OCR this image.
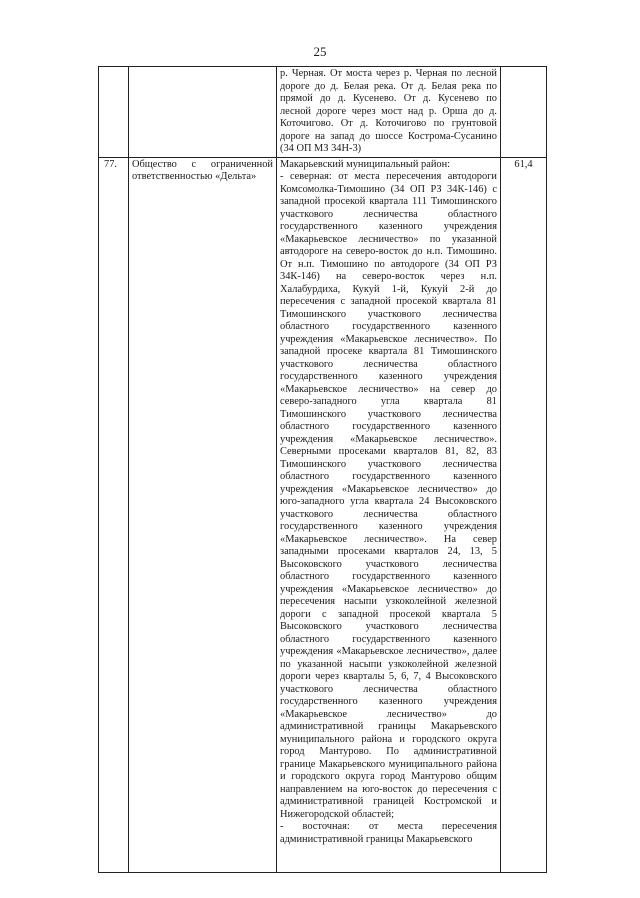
25

		р. Черная. От моста через р. Черная по лесной дороге до д. Белая река. От д. Белая река по прямой до д. Кусенево. От д. Кусенево по лесной дороге через мост над р. Орша до д. Коточигово. От д. Коточигово по грунтовой дороге на запад до шоссе Кострома-Сусанино (34 ОП МЗ 34Н-3)	

77.	Общество с ограниченной ответственностью «Дельта»	Макарьевский муниципальный район:

- северная: от места пересечения автодороги Комсомолка-Тимошино (34 ОП РЗ 34К-146) с западной просекой квартала 111 Тимошинского участкового лесничества областного государственного казенного учреждения «Макарьевское лесничество» по указанной автодороге на северо-восток до н.п. Тимошино. От н.п. Тимошино по автодороге (34 ОП РЗ 34К-146) на северо-восток через н.п. Халабурдиха, Кукуй 1-й, Кукуй 2-й до пересечения с западной просекой квартала 81 Тимошинского участкового лесничества областного государственного казенного учреждения «Макарьевское лесничество». По западной просеке квартала 81 Тимошинского участкового лесничества областного государственного казенного учреждения «Макарьевское лесничество» на север до северо-западного угла квартала 81 Тимошинского участкового лесничества областного государственного казенного учреждения «Макарьевское лесничество». Северными просеками кварталов 81, 82, 83 Тимошинского участкового лесничества областного государственного казенного учреждения «Макарьевское лесничество» до юго-западного угла квартала 24 Высоковского участкового лесничества областного государственного казенного учреждения «Макарьевское лесничество». На север западными просеками кварталов 24, 13, 5 Высоковского участкового лесничества областного государственного казенного учреждения «Макарьевское лесничество» до пересечения насыпи узкоколейной железной дороги с западной просекой квартала 5 Высоковского участкового лесничества областного государственного казенного учреждения «Макарьевское лесничество», далее по указанной насыпи узкоколейной железной дороги через кварталы 5, 6, 7, 4 Высоковского участкового лесничества областного государственного казенного учреждения «Макарьевское лесничество» до административной границы Макарьевского муниципального района и городского округа город Мантурово. По административной границе Макарьевского муниципального района и городского округа город Мантурово общим направлением на юго-восток до пересечения с административной границей Костромской и Нижегородской областей;

- восточная: от места пересечения административной границы Макарьевского	61,4
